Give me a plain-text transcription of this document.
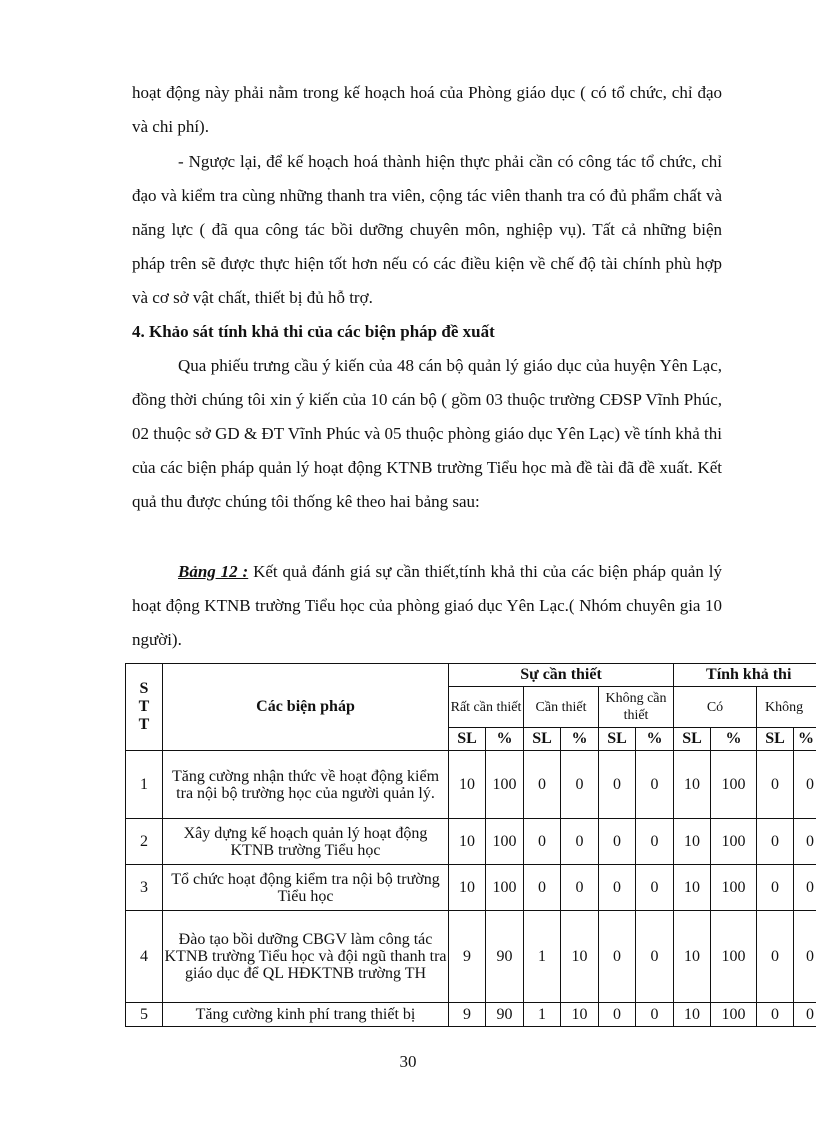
hoạt động này phải nằm trong kế hoạch hoá của Phòng giáo dục ( có tổ chức, chỉ đạo và chi phí).
- Ngược lại, để kế hoạch hoá thành hiện thực phải cần có công tác tổ chức, chỉ đạo và kiểm tra cùng những thanh tra viên, cộng tác viên thanh tra có đủ phẩm chất và năng lực ( đã qua công tác bồi dưỡng chuyên môn, nghiệp vụ). Tất cả những biện pháp trên sẽ được thực hiện tốt hơn nếu có các điều kiện về chế độ tài chính phù hợp và cơ sở vật chất, thiết bị đủ hỗ trợ.
4. Khảo sát tính khả thi của các biện pháp đề xuất
Qua phiếu trưng cầu ý kiến của 48 cán bộ quản lý giáo dục của huyện Yên Lạc, đồng thời chúng tôi xin ý kiến của 10 cán bộ ( gồm 03 thuộc trường CĐSP Vĩnh Phúc, 02 thuộc sở GD & ĐT Vĩnh Phúc và 05 thuộc phòng giáo dục Yên Lạc) về tính khả thi của các biện pháp quản lý hoạt động KTNB trường Tiểu học mà đề tài đã đề xuất. Kết quả thu được chúng tôi thống kê theo hai bảng sau:
Bảng 12 : Kết quả đánh giá sự cần thiết,tính khả thi của các biện pháp quản lý hoạt động KTNB trường Tiểu học của phòng giaó dục Yên Lạc.( Nhóm chuyên gia 10 người).
S
T
T	Các biện pháp	Sự cần thiết						Tính khả thi			
		Rất cần thiết		Cần thiết		Không cần thiết		Có		Không	
		SL	%	SL	%	SL	%	SL	%	SL	%
1	Tăng cường nhận thức về hoạt động kiểm tra nội bộ trường học của người quản lý.	10	100	0	0	0	0	10	100	0	0
2	Xây dựng kế hoạch quản lý hoạt động KTNB trường Tiểu học	10	100	0	0	0	0	10	100	0	0
3	Tổ chức hoạt động kiểm tra nội bộ trường Tiểu học	10	100	0	0	0	0	10	100	0	0
4	Đào tạo bồi dưỡng CBGV làm công tác KTNB trường Tiểu học và đội ngũ thanh tra giáo dục để QL HĐKTNB trường TH	9	90	1	10	0	0	10	100	0	0
5	Tăng cường kinh phí trang thiết bị	9	90	1	10	0	0	10	100	0	0
30
